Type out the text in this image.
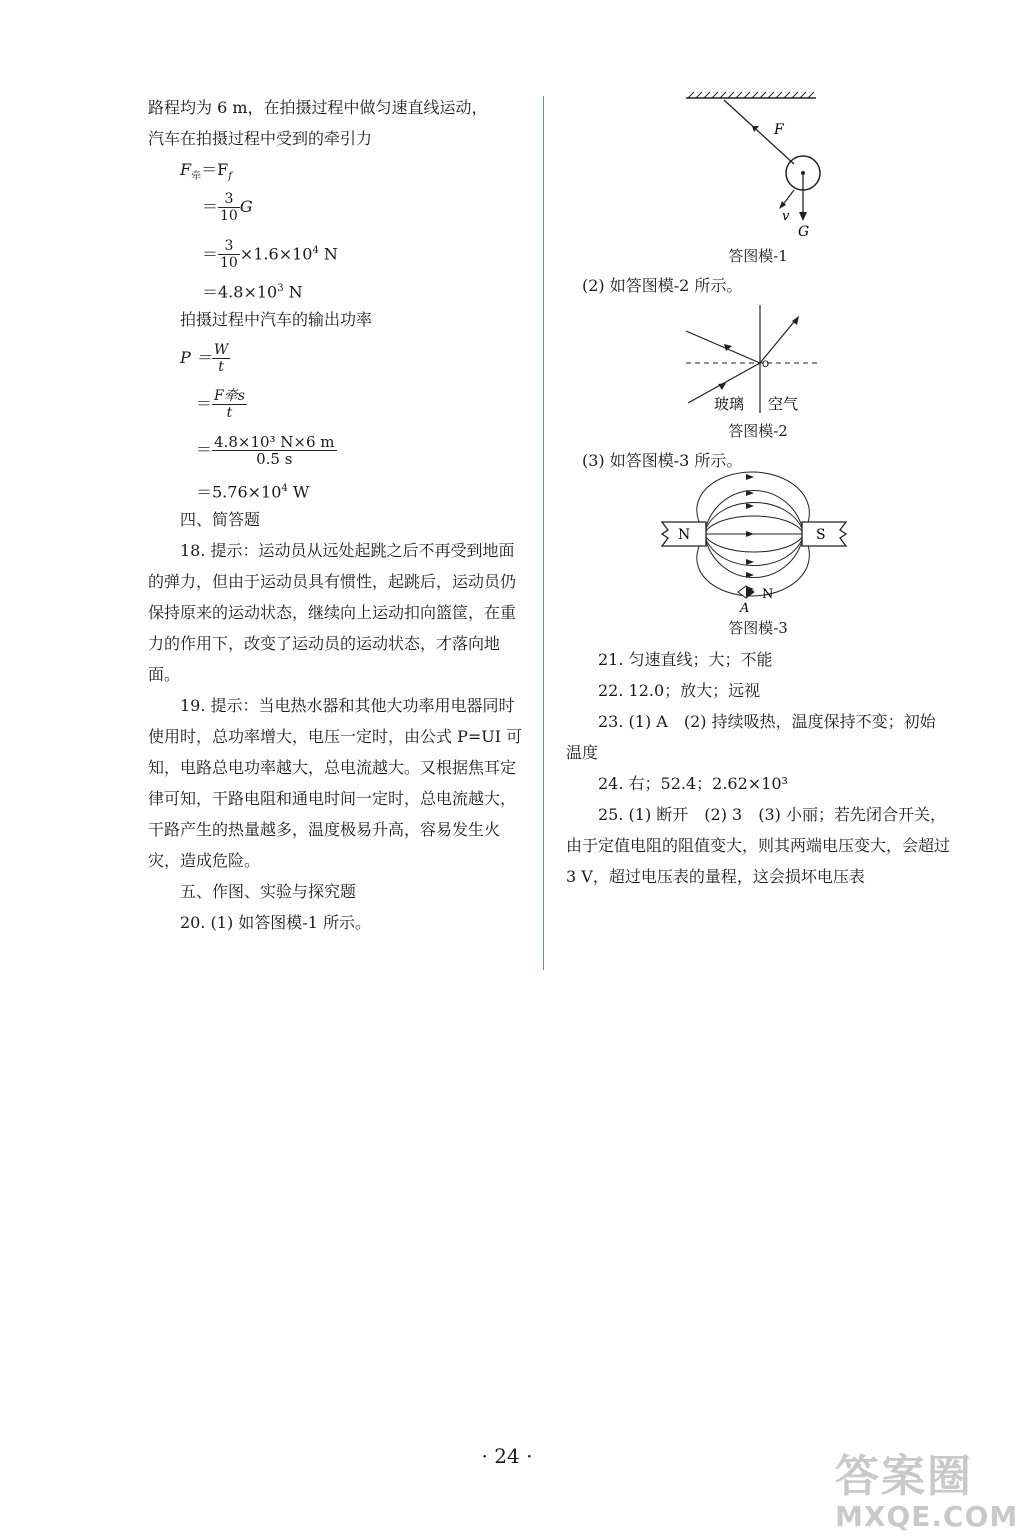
路程均为 6 m，在拍摄过程中做匀速直线运动，

汽车在拍摄过程中受到的牵引力

$F_牵=F_f$
＝ $\frac{3}{10}$ G
＝ $\frac{3}{10} \times 1.6\times 10^4$ N
$=4.8\times 10^3$ N

拍摄过程中汽车的输出功率

$P = \frac{W}{t}$
＝ $\frac{\text{F牵s}}{t}$
＝ $\frac{\text{4.8×10³ N×6 m}}{0.5 s}$
$=5.76\times 10^4$ W

四、简答题

18. 提示：运动员从远处起跳之后不再受到地面的弹力，但由于运动员具有惯性，起跳后，运动员仍保持原来的运动状态，继续向上运动扣向篮筐，在重力的作用下，改变了运动员的运动状态，才落向地面。

19. 提示：当电热水器和其他大功率用电器同时使用时，总功率增大，电压一定时，由公式 P=UI 可知，电路总电功率越大，总电流越大。又根据焦耳定律可知，干路电阻和通电时间一定时，总电流越大，干路产生的热量越多，温度极易升高，容易发生火灾，造成危险。

五、作图、实验与探究题

20. (1) 如答图模-1 所示。

F
v
G
答图模-1

(2) 如答图模-2 所示。

O
玻璃 空气
答图模-2

(3) 如答图模-3 所示。

N	S
N
A
答图模-3

21. 匀速直线；大；不能

22. 12.0；放大；远视

23. (1) A　(2) 持续吸热，温度保持不变；初始温度

24. 右；52.4；2.62×10³

25. (1) 断开　(2) 3　(3) 小丽；若先闭合开关，由于定值电阻的阻值变大，则其两端电压变大，会超过 3 V，超过电压表的量程，这会损坏电压表

· 24 ·	答案圈
MXQE.COM
